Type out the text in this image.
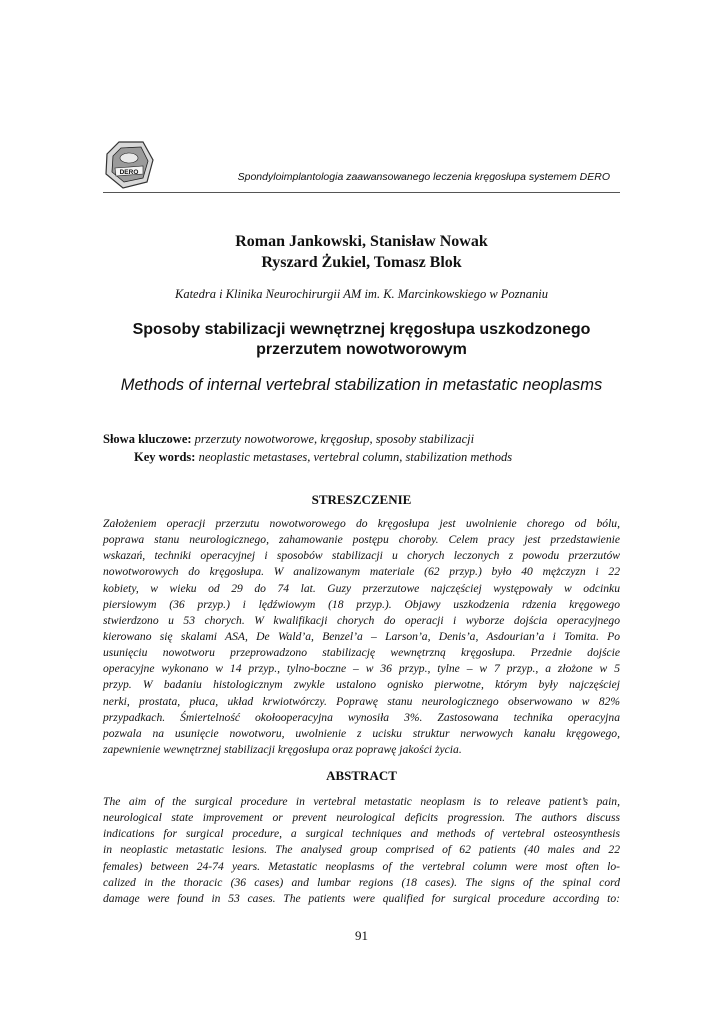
DERO	Spondyloimplantologia zaawansowanego leczenia kręgosłupa systemem DERO
Roman Jankowski, Stanisław Nowak
Ryszard Żukiel, Tomasz Blok
Katedra i Klinika Neurochirurgii AM im. K. Marcinkowskiego w Poznaniu
Sposoby stabilizacji wewnętrznej kręgosłupa uszkodzonego
przerzutem nowotworowym
Methods of internal vertebral stabilization in metastatic neoplasms
Słowa kluczowe: przerzuty nowotworowe, kręgosłup, sposoby stabilizacji
Key words: neoplastic metastases, vertebral column, stabilization methods
STRESZCZENIE
Założeniem operacji przerzutu nowotworowego do kręgosłupa jest uwolnienie chorego od bólu,
poprawa stanu neurologicznego, zahamowanie postępu choroby. Celem pracy jest przedstawienie
wskazań, techniki operacyjnej i sposobów stabilizacji u chorych leczonych z powodu przerzutów
nowotworowych do kręgosłupa. W analizowanym materiale (62 przyp.) było 40 mężczyzn i 22
kobiety, w wieku od 29 do 74 lat. Guzy przerzutowe najczęściej występowały w odcinku
piersiowym (36 przyp.) i lędźwiowym (18 przyp.). Objawy uszkodzenia rdzenia kręgowego
stwierdzono u 53 chorych. W kwalifikacji chorych do operacji i wyborze dojścia operacyjnego
kierowano się skalami ASA, De Wald’a, Benzel’a – Larson’a, Denis’a, Asdourian’a i Tomita. Po
usunięciu nowotworu przeprowadzono stabilizację wewnętrzną kręgosłupa. Przednie dojście
operacyjne wykonano w 14 przyp., tylno-boczne – w 36 przyp., tylne – w 7 przyp., a złożone w 5
przyp. W badaniu histologicznym zwykle ustalono ognisko pierwotne, którym były najczęściej
nerki, prostata, płuca, układ krwiotwórczy. Poprawę stanu neurologicznego obserwowano w 82%
przypadkach. Śmiertelność okołooperacyjna wynosiła 3%. Zastosowana technika operacyjna
pozwala na usunięcie nowotworu, uwolnienie z ucisku struktur nerwowych kanału kręgowego,
zapewnienie wewnętrznej stabilizacji kręgosłupa oraz poprawę jakości życia.
ABSTRACT
The aim of the surgical procedure in vertebral metastatic neoplasm is to releave patient’s pain,
neurological state improvement or prevent neurological deficits progression. The authors discuss
indications for surgical procedure, a surgical techniques and methods of vertebral osteosynthesis
in neoplastic metastatic lesions. The analysed group comprised of 62 patients (40 males and 22
females) between 24-74 years. Metastatic neoplasms of the vertebral column were most often lo-
calized in the thoracic (36 cases) and lumbar regions (18 cases). The signs of the spinal cord
damage were found in 53 cases. The patients were qualified for surgical procedure according to:
91
